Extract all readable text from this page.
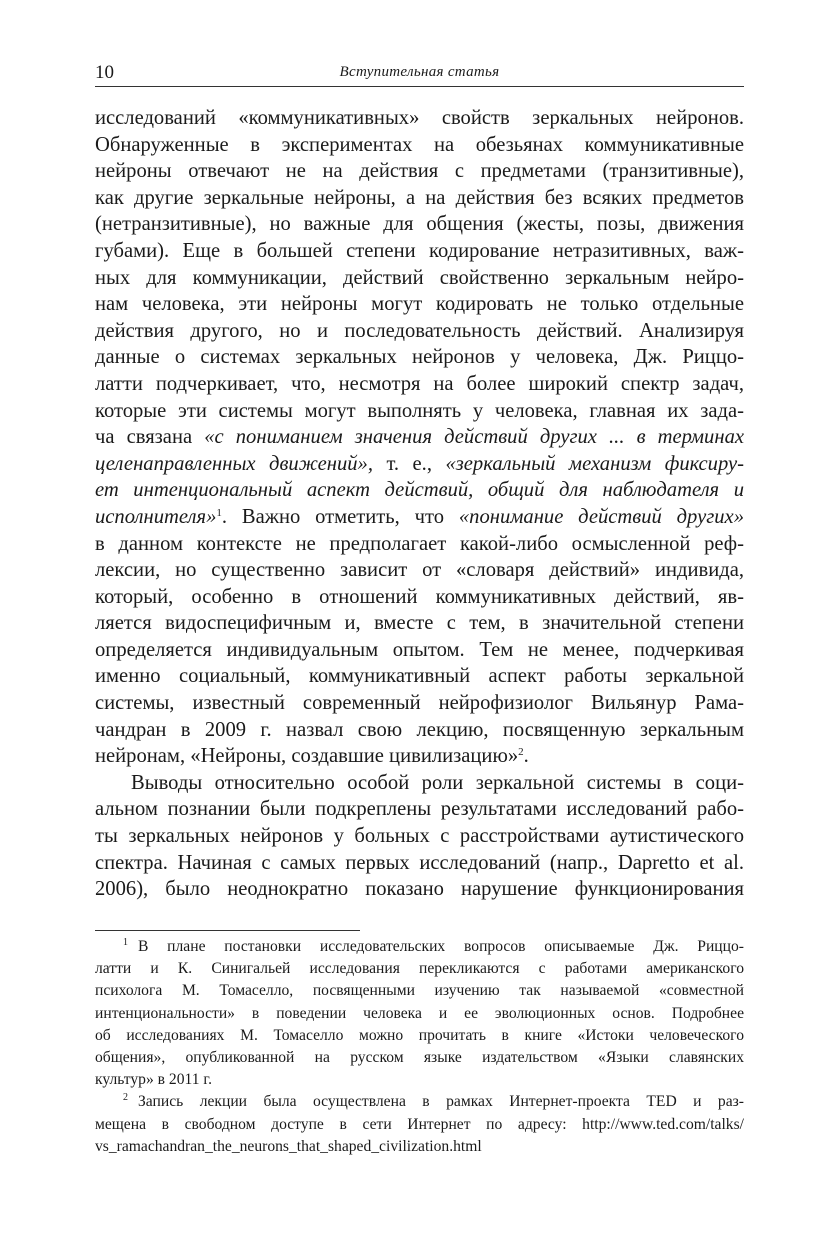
10	Вступительная статья
исследований «коммуникативных» свойств зеркальных нейронов.
Обнаруженные в экспериментах на обезьянах коммуникативные
нейроны отвечают не на действия с предметами (транзитивные),
как другие зеркальные нейроны, а на действия без всяких предметов
(нетранзитивные), но важные для общения (жесты, позы, движения
губами). Еще в большей степени кодирование нетразитивных, важ-
ных для коммуникации, действий свойственно зеркальным нейро-
нам человека, эти нейроны могут кодировать не только отдельные
действия другого, но и последовательность действий. Анализируя
данные о системах зеркальных нейронов у человека, Дж. Риццо-
латти подчеркивает, что, несмотря на более широкий спектр задач,
которые эти системы могут выполнять у человека, главная их зада-
ча связана «с пониманием значения действий других ... в терминах
целенаправленных движений», т. е., «зеркальный механизм фиксиру-
ет интенциональный аспект действий, общий для наблюдателя и
исполнителя»$^1$. Важно отметить, что «понимание действий других»
в данном контексте не предполагает какой-либо осмысленной реф-
лексии, но существенно зависит от «словаря действий» индивида,
который, особенно в отношений коммуникативных действий, яв-
ляется видоспецифичным и, вместе с тем, в значительной степени
определяется индивидуальным опытом. Тем не менее, подчеркивая
именно социальный, коммуникативный аспект работы зеркальной
системы, известный современный нейрофизиолог Вильянур Рама-
чандран в 2009 г. назвал свою лекцию, посвященную зеркальным
нейронам, «Нейроны, создавшие цивилизацию»$^2$.
Выводы относительно особой роли зеркальной системы в соци-
альном познании были подкреплены результатами исследований рабо-
ты зеркальных нейронов у больных с расстройствами аутистического
спектра. Начиная с самых первых исследований (напр., Dapretto et al.
2006), было неоднократно показано нарушение функционирования
$^1$ В плане постановки исследовательских вопросов описываемые Дж. Риццо-
латти и К. Синигальей исследования перекликаются с работами американского
психолога М. Томаселло, посвященными изучению так называемой «совместной
интенциональности» в поведении человека и ее эволюционных основ. Подробнее
об исследованиях М. Томаселло можно прочитать в книге «Истоки человеческого
общения», опубликованной на русском языке издательством «Языки славянских
культур» в 2011 г.
$^2$ Запись лекции была осуществлена в рамках Интернет-проекта TED и раз-
мещена в свободном доступе в сети Интернет по адресу: http://www.ted.com/talks/
vs_ramachandran_the_neurons_that_shaped_civilization.html
